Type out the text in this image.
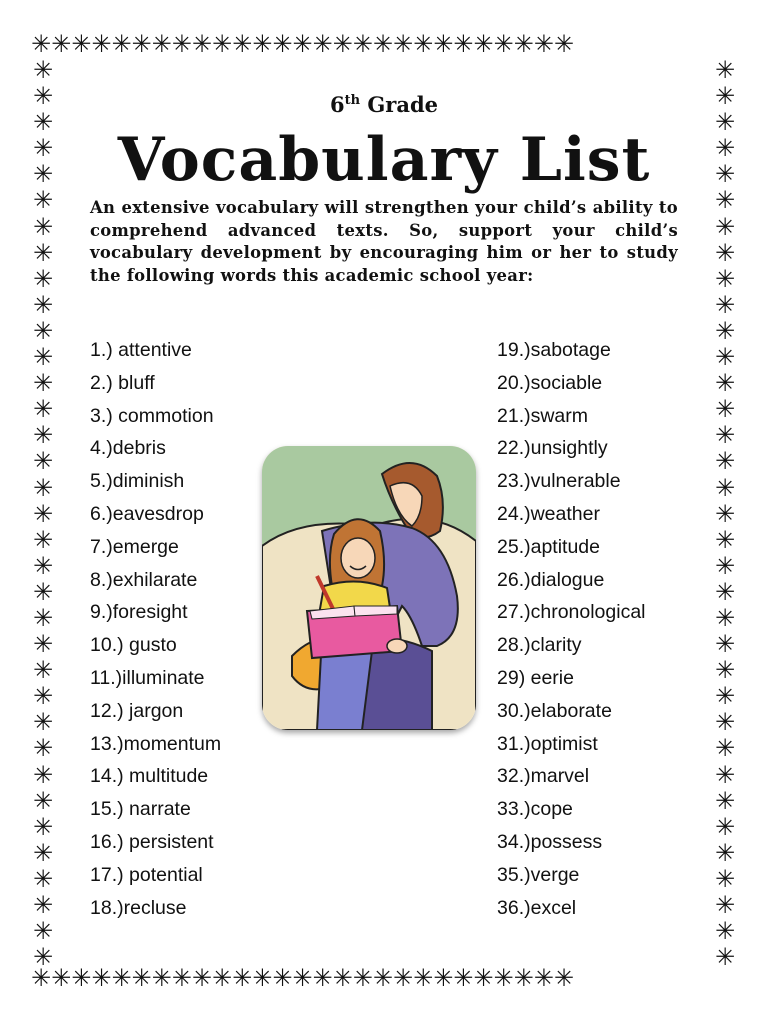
✳✳✳✳✳✳✳✳✳✳✳✳✳✳✳✳✳✳✳✳✳✳✳✳✳✳✳
✳✳✳✳✳✳✳✳✳✳✳✳✳✳✳✳✳✳✳✳✳✳✳✳✳✳✳
✳
✳
✳
✳
✳
✳
✳
✳
✳
✳
✳
✳
✳
✳
✳
✳
✳
✳
✳
✳
✳
✳
✳
✳
✳
✳
✳
✳
✳
✳
✳
✳
✳
✳
✳
✳
✳
✳
✳
✳
✳
✳
✳
✳
✳
✳
✳
✳
✳
✳
✳
✳
✳
✳
✳
✳
✳
✳
✳
✳
✳
✳
✳
✳
✳
✳
✳
✳
✳
✳
6th Grade
Vocabulary List
An extensive vocabulary will strengthen your child’s ability to comprehend advanced texts. So, support your child’s vocabulary development by encouraging him or her to study the following words this academic school year:
1.) attentive
2.) bluff
3.) commotion
4.)debris
5.)diminish
6.)eavesdrop
7.)emerge
8.)exhilarate
9.)foresight
10.) gusto
11.)illuminate
12.) jargon
13.)momentum
14.) multitude
15.) narrate
16.) persistent
17.) potential
18.)recluse
19.)sabotage
20.)sociable
21.)swarm
22.)unsightly
23.)vulnerable
24.)weather
25.)aptitude
26.)dialogue
27.)chronological
28.)clarity
29) eerie
30.)elaborate
31.)optimist
32.)marvel
33.)cope
34.)possess
35.)verge
36.)excel
